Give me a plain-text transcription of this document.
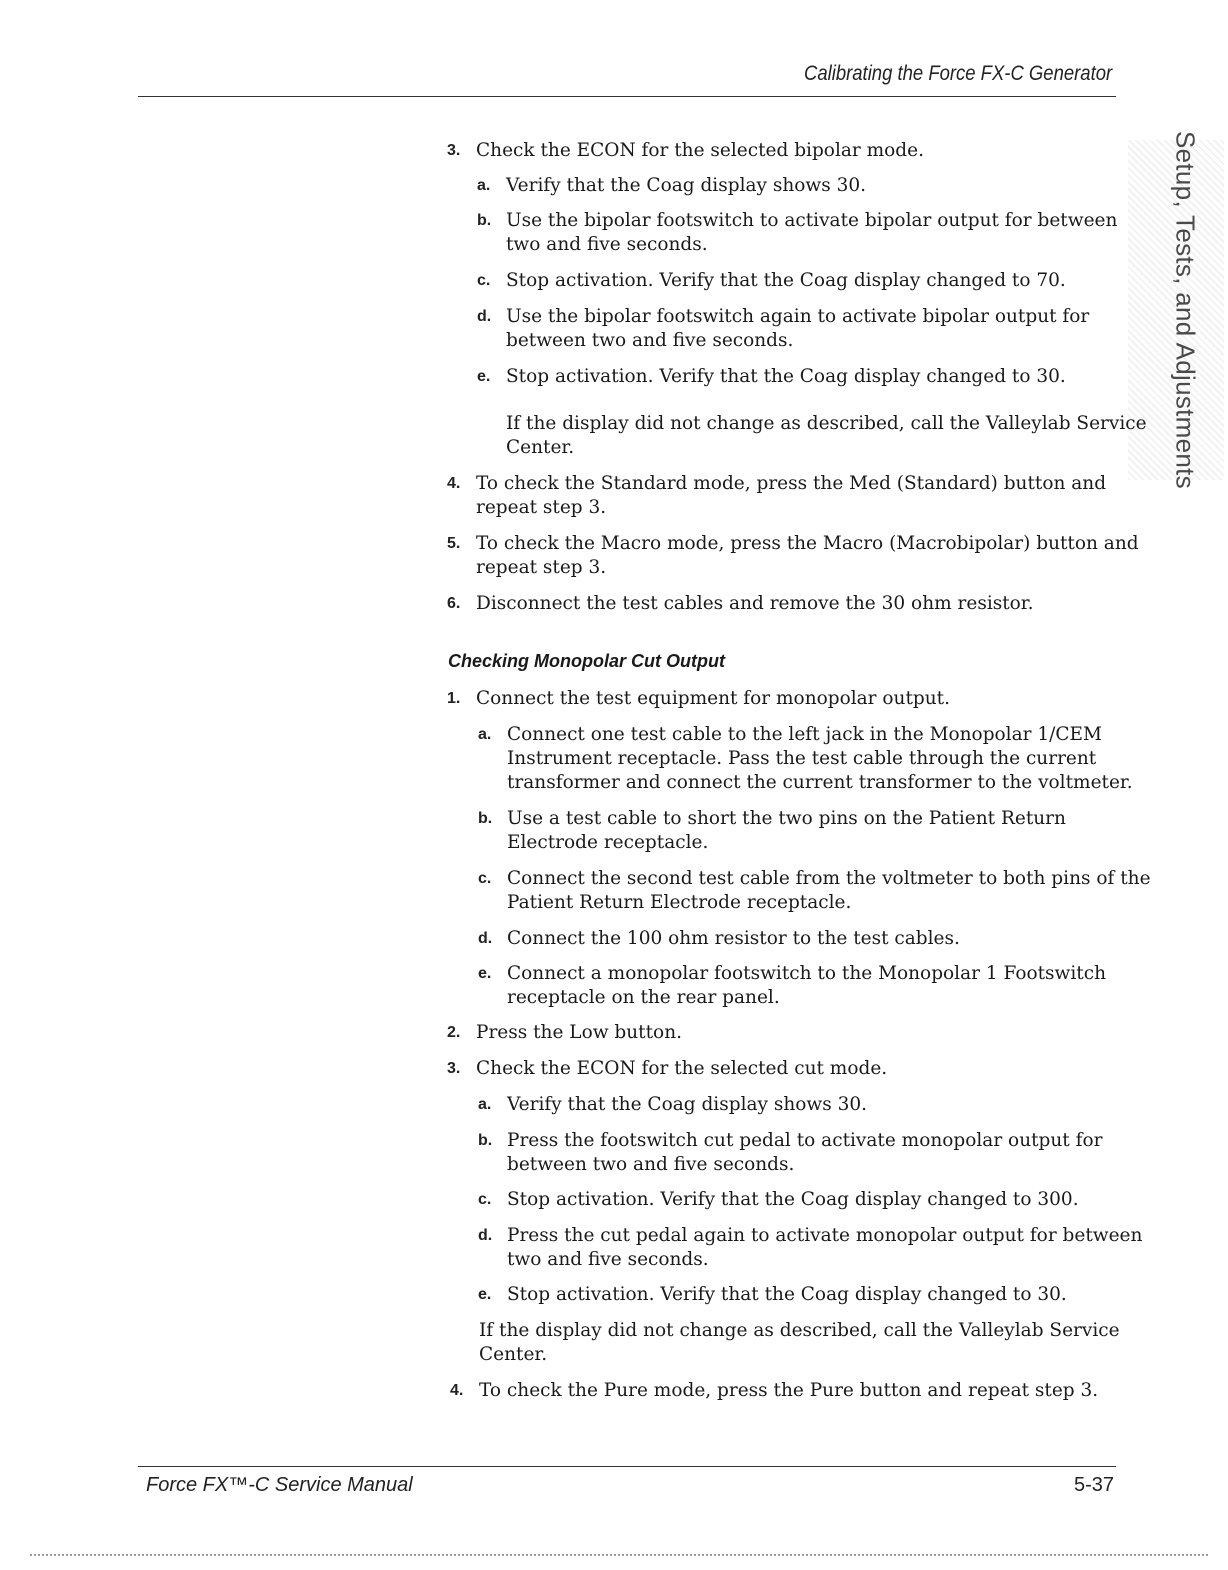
Calibrating the Force FX-C Generator
Setup, Tests, and Adjustments
3. Check the ECON for the selected bipolar mode.
a. Verify that the Coag display shows 30.
b. Use the bipolar footswitch to activate bipolar output for between
two and five seconds.
c. Stop activation. Verify that the Coag display changed to 70.
d. Use the bipolar footswitch again to activate bipolar output for
between two and five seconds.
e. Stop activation. Verify that the Coag display changed to 30.
If the display did not change as described, call the Valleylab Service
Center.
4. To check the Standard mode, press the Med (Standard) button and
repeat step 3.
5. To check the Macro mode, press the Macro (Macrobipolar) button and
repeat step 3.
6. Disconnect the test cables and remove the 30 ohm resistor.
Checking Monopolar Cut Output
1. Connect the test equipment for monopolar output.
a. Connect one test cable to the left jack in the Monopolar 1/CEM
Instrument receptacle. Pass the test cable through the current
transformer and connect the current transformer to the voltmeter.
b. Use a test cable to short the two pins on the Patient Return
Electrode receptacle.
c. Connect the second test cable from the voltmeter to both pins of the
Patient Return Electrode receptacle.
d. Connect the 100 ohm resistor to the test cables.
e. Connect a monopolar footswitch to the Monopolar 1 Footswitch
receptacle on the rear panel.
2. Press the Low button.
3. Check the ECON for the selected cut mode.
a. Verify that the Coag display shows 30.
b. Press the footswitch cut pedal to activate monopolar output for
between two and five seconds.
c. Stop activation. Verify that the Coag display changed to 300.
d. Press the cut pedal again to activate monopolar output for between
two and five seconds.
e. Stop activation. Verify that the Coag display changed to 30.
If the display did not change as described, call the Valleylab Service
Center.
4. To check the Pure mode, press the Pure button and repeat step 3.
Force FX™-C Service Manual	5-37
